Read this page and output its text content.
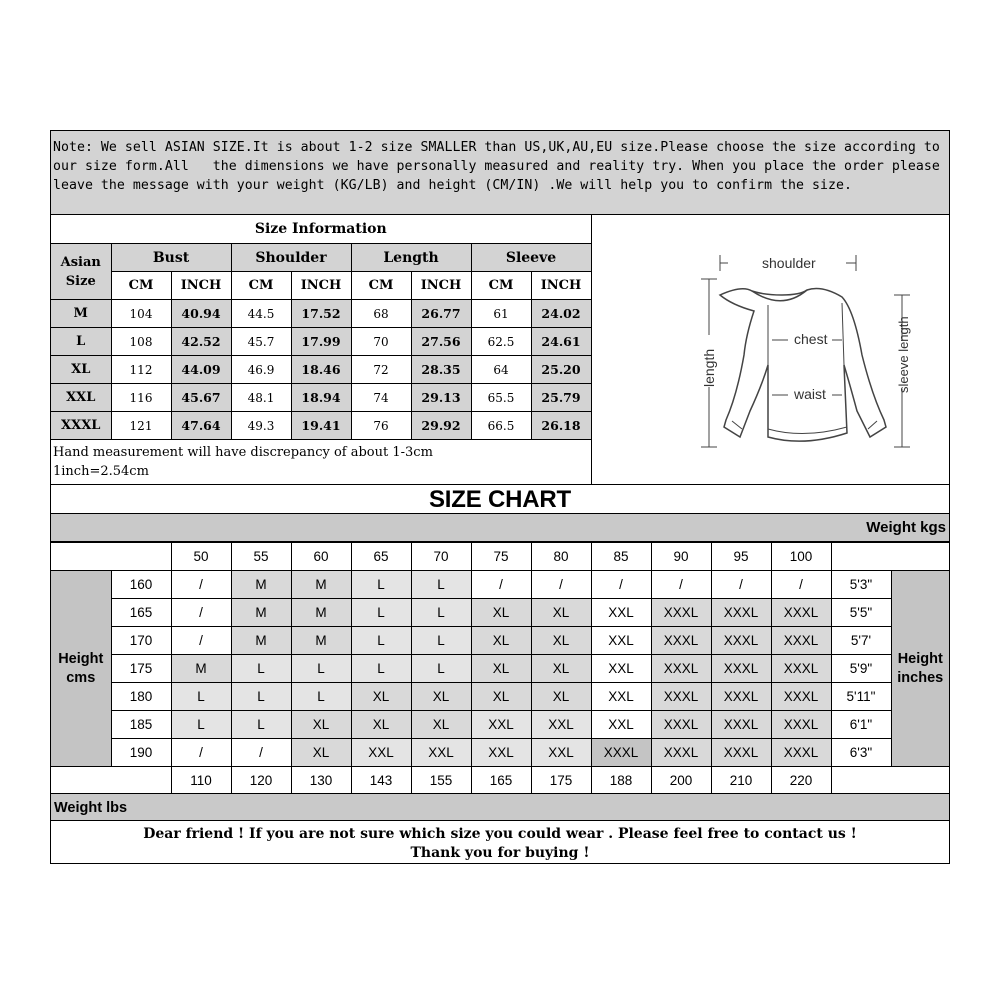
Note: We sell ASIAN SIZE.It is about 1-2 size SMALLER than US,UK,AU,EU size.Please choose the size according to
our size form.All   the dimensions we have personally measured and reality try. When you place the order please
leave the message with your weight (KG/LB) and height (CM/IN) .We will help you to confirm the size.
Size Information								
Asian Size	Bust		Shoulder		Length		Sleeve	
	CM	INCH	CM	INCH	CM	INCH	CM	INCH
M	104	40.94	44.5	17.52	68	26.77	61	24.02
L	108	42.52	45.7	17.99	70	27.56	62.5	24.61
XL	112	44.09	46.9	18.46	72	28.35	64	25.20
XXL	116	45.67	48.1	18.94	74	29.13	65.5	25.79
XXXL	121	47.64	49.3	19.41	76	29.92	66.5	26.18
Hand measurement will have discrepancy of about 1-3cm
1inch=2.54cm
shoulder
chest
waist
length	sleeve length
SIZE CHART
Weight kgs
		50	55	60	65	70	75	80	85	90	95	100		
Height cms	160	/	M	M	L	L	/	/	/	/	/	/	5'3"	Height inches
	165	/	M	M	L	L	XL	XL	XXL	XXXL	XXXL	XXXL	5'5"	
	170	/	M	M	L	L	XL	XL	XXL	XXXL	XXXL	XXXL	5'7'	
	175	M	L	L	L	L	XL	XL	XXL	XXXL	XXXL	XXXL	5'9"	
	180	L	L	L	XL	XL	XL	XL	XXL	XXXL	XXXL	XXXL	5'11"	
	185	L	L	XL	XL	XL	XXL	XXL	XXL	XXXL	XXXL	XXXL	6'1"	
	190	/	/	XL	XXL	XXL	XXL	XXL	XXXL	XXXL	XXXL	XXXL	6'3"	
		110	120	130	143	155	165	175	188	200	210	220		
Weight lbs
Dear friend ! If you are not sure which size you could wear . Please feel free to contact us !
Thank you for buying !
